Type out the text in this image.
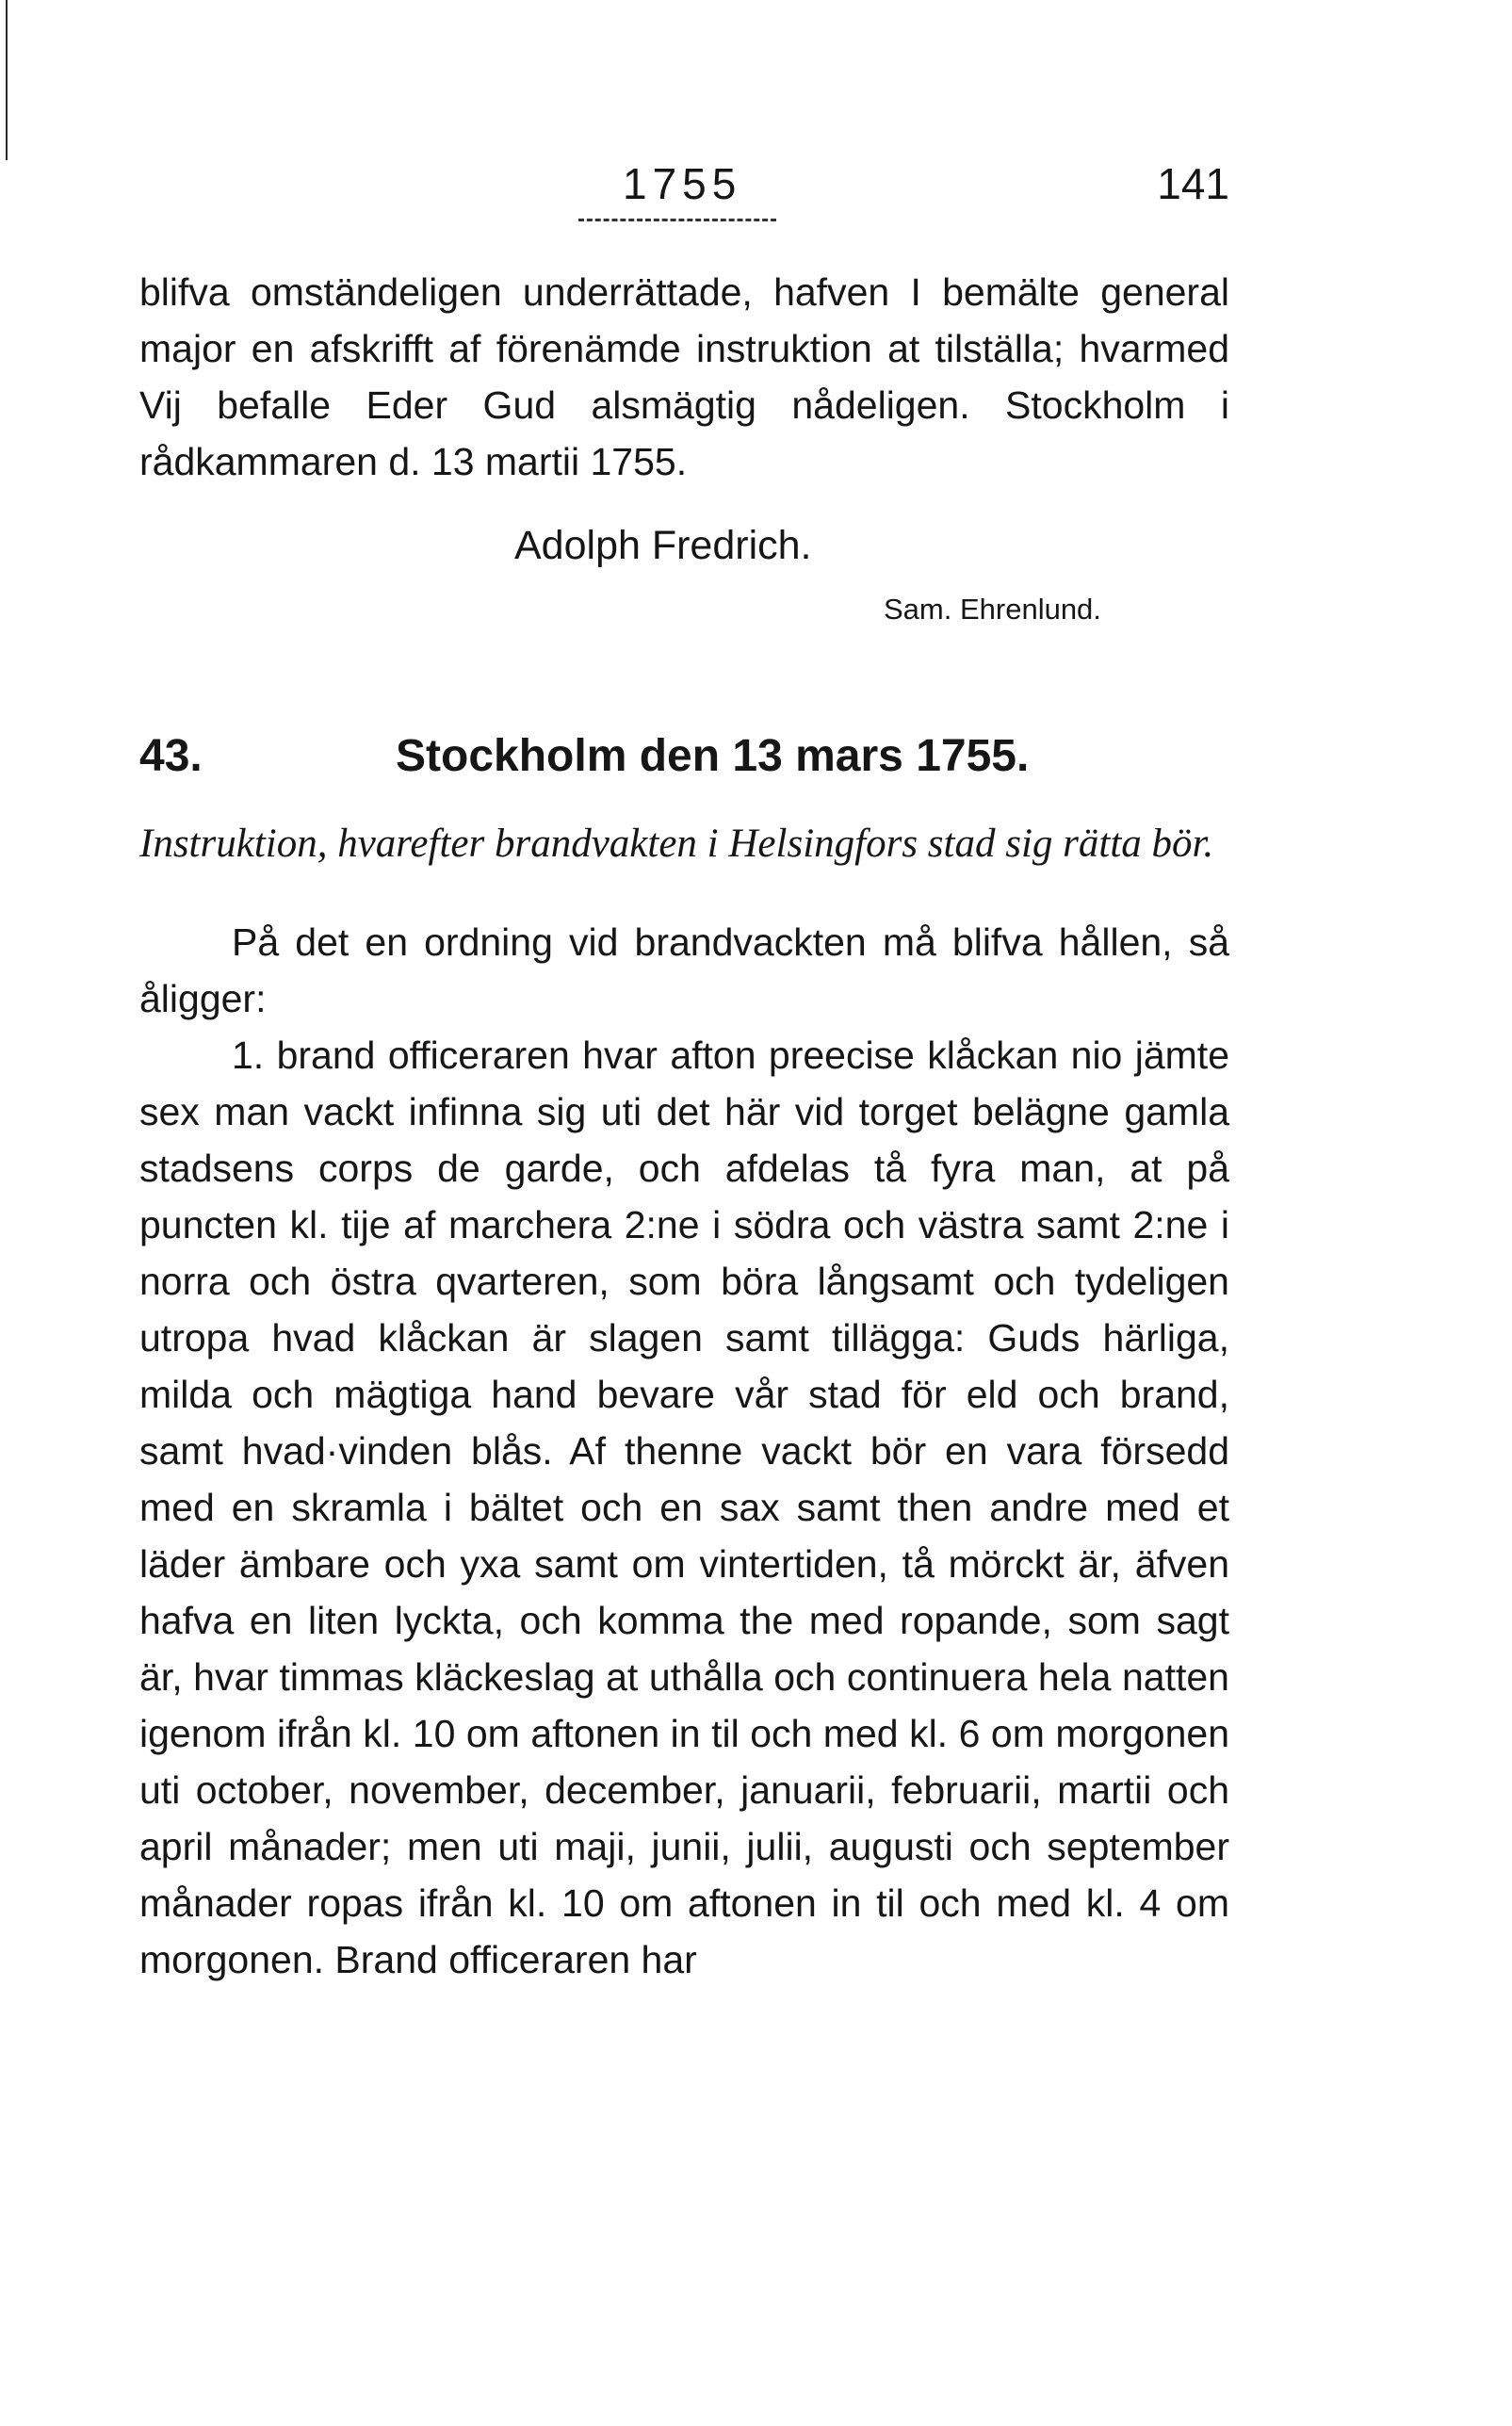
1755	141

blifva omständeligen underrättade, hafven I bemälte general major en afskrifft af förenämde instruktion at tilställa; hvarmed Vij befalle Eder Gud alsmägtig nådeligen. Stockholm i rådkammaren d. 13 martii 1755.

Adolph Fredrich.

Sam. Ehrenlund.

43.	Stockholm den 13 mars 1755.

Instruktion, hvarefter brandvakten i Helsingfors stad sig rätta bör.

På det en ordning vid brandvackten må blifva hållen, så åligger:

1. brand officeraren hvar afton preecise klåckan nio jämte sex man vackt infinna sig uti det här vid torget belägne gamla stadsens corps de garde, och afdelas tå fyra man, at på puncten kl. tije af marchera 2:ne i södra och västra samt 2:ne i norra och östra qvarteren, som böra långsamt och tydeligen utropa hvad klåckan är slagen samt tillägga: Guds härliga, milda och mägtiga hand bevare vår stad för eld och brand, samt hvad·vinden blås. Af thenne vackt bör en vara försedd med en skramla i bältet och en sax samt then andre med et läder ämbare och yxa samt om vintertiden, tå mörckt är, äfven hafva en liten lyckta, och komma the med ropande, som sagt är, hvar timmas kläckeslag at uthålla och continuera hela natten igenom ifrån kl. 10 om aftonen in til och med kl. 6 om morgonen uti october, november, december, januarii, februarii, martii och april månader; men uti maji, junii, julii, augusti och september månader ropas ifrån kl. 10 om aftonen in til och med kl. 4 om morgonen. Brand officeraren har
